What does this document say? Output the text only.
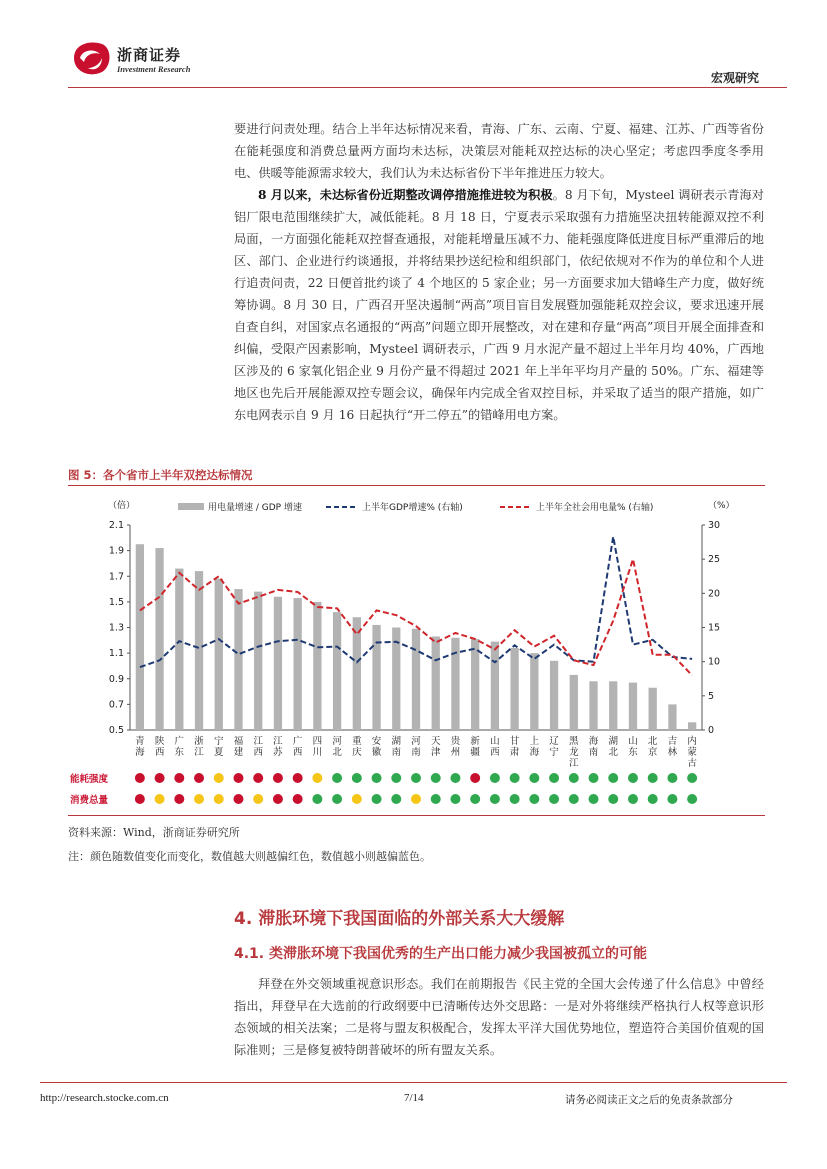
浙商证券
Investment Research
宏观研究

要进行问责处理。结合上半年达标情况来看，青海、广东、云南、宁夏、福建、江苏、广西等省份在能耗强度和消费总量两方面均未达标，决策层对能耗双控达标的决心坚定；考虑四季度冬季用电、供暖等能源需求较大，我们认为未达标省份下半年推进压力较大。

8 月以来，未达标省份近期整改调停措施推进较为积极。8 月下旬，Mysteel 调研表示青海对铝厂限电范围继续扩大，减低能耗。8 月 18 日，宁夏表示采取强有力措施坚决扭转能源双控不利局面，一方面强化能耗双控督查通报，对能耗增量压减不力、能耗强度降低进度目标严重滞后的地区、部门、企业进行约谈通报，并将结果抄送纪检和组织部门，依纪依规对不作为的单位和个人进行追责问责，22 日便首批约谈了 4 个地区的 5 家企业；另一方面要求加大错峰生产力度，做好统筹协调。8 月 30 日，广西召开坚决遏制“两高”项目盲目发展暨加强能耗双控会议，要求迅速开展自查自纠，对国家点名通报的“两高”问题立即开展整改，对在建和存量“两高”项目开展全面排查和纠偏，受限产因素影响，Mysteel 调研表示，广西 9 月水泥产量不超过上半年月均 40%，广西地区涉及的 6 家氧化铝企业 9 月份产量不得超过 2021 年上半年平均月产量的 50%。广东、福建等地区也先后开展能源双控专题会议，确保年内完成全省双控目标，并采取了适当的限产措施，如广东电网表示自 9 月 16 日起执行“开二停五”的错峰用电方案。

图 5：各个省市上半年双控达标情况
（倍）	（%）
用电量增速 / GDP 增速	上半年GDP增速% (右轴)	上半年全社会用电量% (右轴)
2.1
1.9
1.7
1.5
1.3
1.1
0.9
0.7
0.5
30
25
20
15
10
5
0
青海
陕西
广东
浙江
宁夏
福建
江西
江苏
广西
四川
河北
重庆
安徽
湖南
河南
天津
贵州
新疆
山西
甘肃
上海
辽宁
黑龙江
海南
湖北
山东
北京
吉林
内蒙古
能耗强度
消费总量
资料来源：Wind，浙商证券研究所
注：颜色随数值变化而变化，数值越大则越偏红色，数值越小则越偏蓝色。
4. 滞胀环境下我国面临的外部关系大大缓解
4.1. 类滞胀环境下我国优秀的生产出口能力减少我国被孤立的可能

拜登在外交领域重视意识形态。我们在前期报告《民主党的全国大会传递了什么信息》中曾经指出，拜登早在大选前的行政纲要中已清晰传达外交思路：一是对外将继续严格执行人权等意识形态领域的相关法案；二是将与盟友积极配合，发挥太平洋大国优势地位，塑造符合美国价值观的国际准则；三是修复被特朗普破坏的所有盟友关系。

http://research.stocke.com.cn	7/14	请务必阅读正文之后的免责条款部分
